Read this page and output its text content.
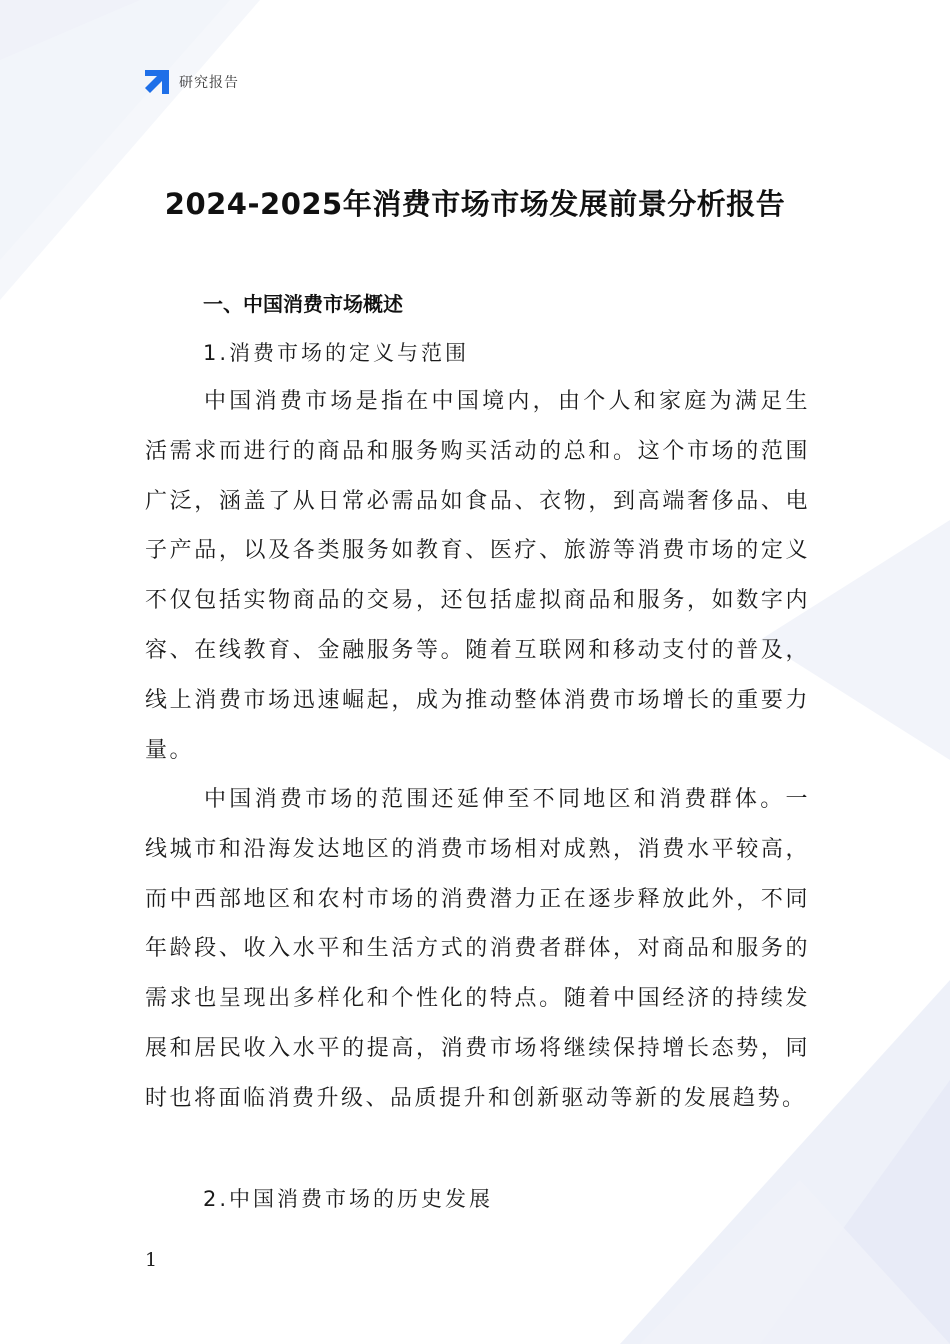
研究报告
2024-2025年消费市场市场发展前景分析报告
一、中国消费市场概述
1.消费市场的定义与范围

中国消费市场是指在中国境内，由个人和家庭为满足生活需求而进行的商品和服务购买活动的总和。这个市场的范围广泛，涵盖了从日常必需品如食品、衣物，到高端奢侈品、电子产品，以及各类服务如教育、医疗、旅游等消费市场的定义不仅包括实物商品的交易，还包括虚拟商品和服务，如数字内容、在线教育、金融服务等。随着互联网和移动支付的普及，线上消费市场迅速崛起，成为推动整体消费市场增长的重要力量。

中国消费市场的范围还延伸至不同地区和消费群体。一线城市和沿海发达地区的消费市场相对成熟，消费水平较高，而中西部地区和农村市场的消费潜力正在逐步释放此外，不同年龄段、收入水平和生活方式的消费者群体，对商品和服务的需求也呈现出多样化和个性化的特点。随着中国经济的持续发展和居民收入水平的提高，消费市场将继续保持增长态势，同时也将面临消费升级、品质提升和创新驱动等新的发展趋势。

2.中国消费市场的历史发展
1
